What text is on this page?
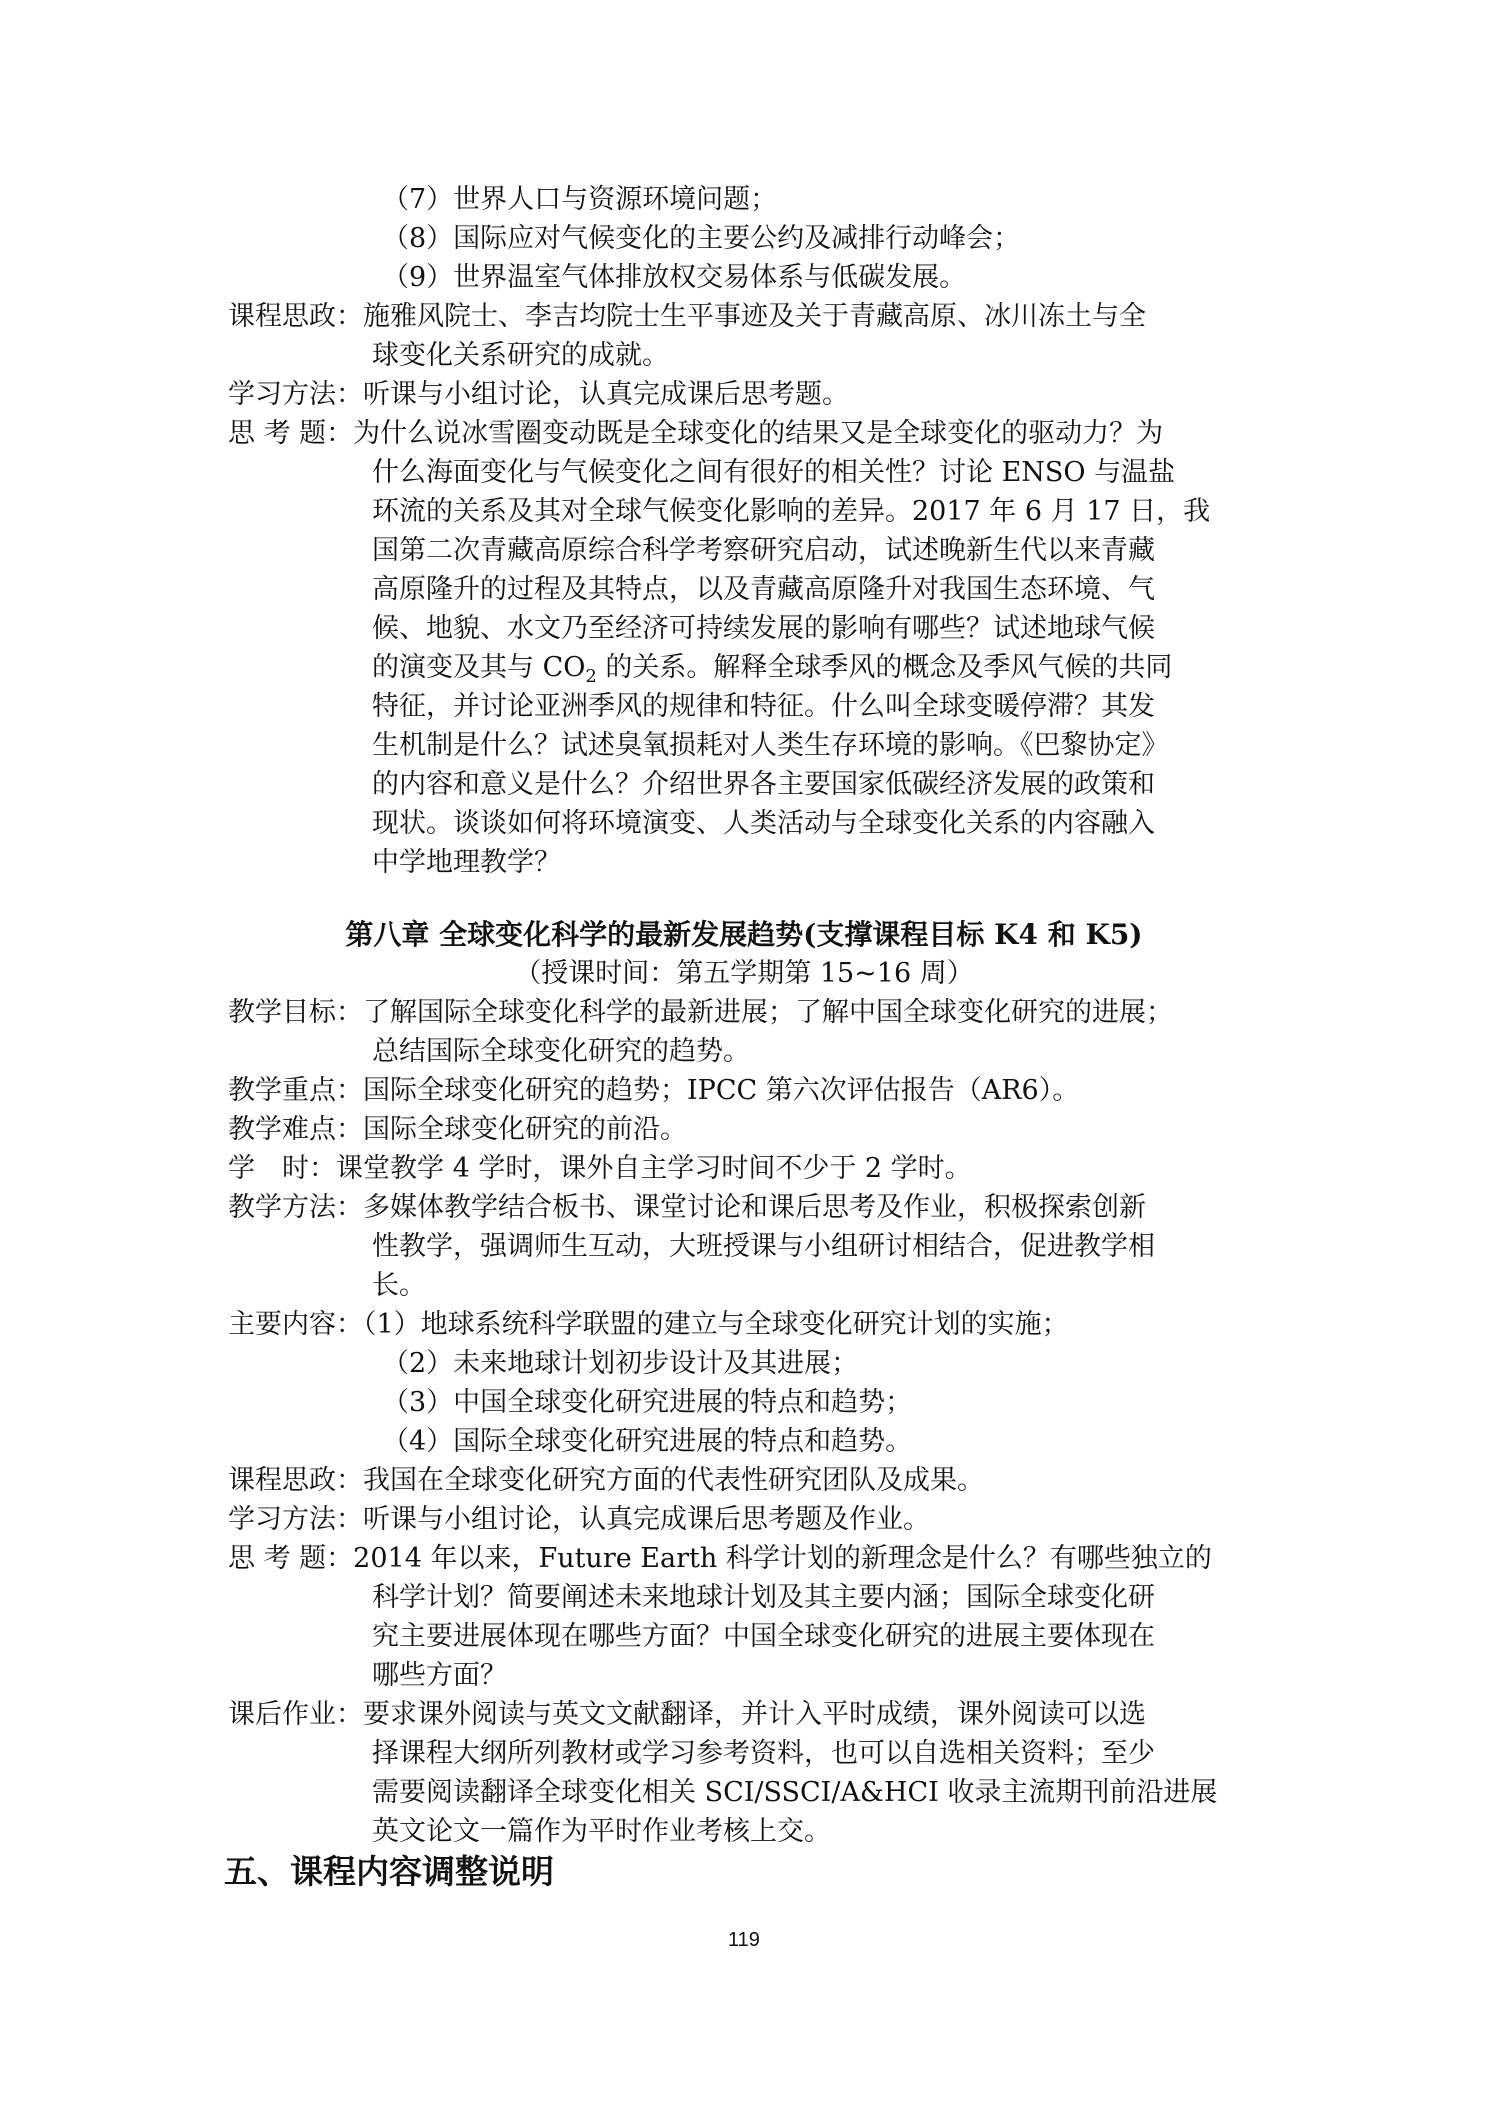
（7）世界人口与资源环境问题；
（8）国际应对气候变化的主要公约及减排行动峰会；
（9）世界温室气体排放权交易体系与低碳发展。
课程思政：施雅风院士、李吉均院士生平事迹及关于青藏高原、冰川冻土与全
球变化关系研究的成就。
学习方法：听课与小组讨论，认真完成课后思考题。
思 考 题：为什么说冰雪圈变动既是全球变化的结果又是全球变化的驱动力？为
什么海面变化与气候变化之间有很好的相关性？讨论 ENSO 与温盐
环流的关系及其对全球气候变化影响的差异。2017 年 6 月 17 日，我
国第二次青藏高原综合科学考察研究启动，试述晚新生代以来青藏
高原隆升的过程及其特点，以及青藏高原隆升对我国生态环境、气
候、地貌、水文乃至经济可持续发展的影响有哪些？试述地球气候
的演变及其与 $CO_2$ 的关系。解释全球季风的概念及季风气候的共同
特征，并讨论亚洲季风的规律和特征。什么叫全球变暖停滞？其发
生机制是什么？试述臭氧损耗对人类生存环境的影响。《巴黎协定》
的内容和意义是什么？介绍世界各主要国家低碳经济发展的政策和
现状。谈谈如何将环境演变、人类活动与全球变化关系的内容融入
中学地理教学？
第八章 全球变化科学的最新发展趋势(支撑课程目标 K4 和 K5)
（授课时间：第五学期第 15~16 周）
教学目标：了解国际全球变化科学的最新进展；了解中国全球变化研究的进展；
总结国际全球变化研究的趋势。
教学重点：国际全球变化研究的趋势；IPCC 第六次评估报告（AR6）。
教学难点：国际全球变化研究的前沿。
学　时：课堂教学 4 学时，课外自主学习时间不少于 2 学时。
教学方法：多媒体教学结合板书、课堂讨论和课后思考及作业，积极探索创新
性教学，强调师生互动，大班授课与小组研讨相结合，促进教学相
长。
主要内容：（1）地球系统科学联盟的建立与全球变化研究计划的实施；
（2）未来地球计划初步设计及其进展；
（3）中国全球变化研究进展的特点和趋势；
（4）国际全球变化研究进展的特点和趋势。
课程思政：我国在全球变化研究方面的代表性研究团队及成果。
学习方法：听课与小组讨论，认真完成课后思考题及作业。
思 考 题：2014 年以来，Future Earth 科学计划的新理念是什么？有哪些独立的
科学计划？简要阐述未来地球计划及其主要内涵；国际全球变化研
究主要进展体现在哪些方面？中国全球变化研究的进展主要体现在
哪些方面？
课后作业：要求课外阅读与英文文献翻译，并计入平时成绩，课外阅读可以选
择课程大纲所列教材或学习参考资料，也可以自选相关资料；至少
需要阅读翻译全球变化相关 SCI/SSCI/A&HCI 收录主流期刊前沿进展
英文论文一篇作为平时作业考核上交。
五、课程内容调整说明
119
